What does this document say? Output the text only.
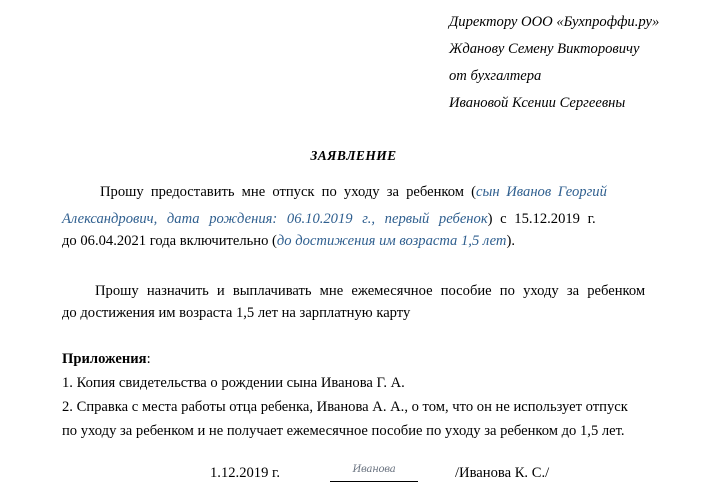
Директору ООО «Бухпроффи.ру»
Жданову Семену Викторовичу
от бухгалтера
Ивановой Ксении Сергеевны
ЗАЯВЛЕНИЕ
Прошу предоставить мне отпуск по уходу за ребенком (сын Иванов Георгий
Александрович, дата рождения: 06.10.2019 г., первый ребенок) с 15.12.2019 г.
до 06.04.2021 года включительно (до достижения им возраста 1,5 лет).
Прошу назначить и выплачивать мне ежемесячное пособие по уходу за ребенком
до достижения им возраста 1,5 лет на зарплатную карту
Приложения:
1. Копия свидетельства о рождении сына Иванова Г. А.
2. Справка с места работы отца ребенка, Иванова А. А., о том, что он не использует отпуск
по уходу за ребенком и не получает ежемесячное пособие по уходу за ребенком до 1,5 лет.
1.12.2019 г.	Иванова	/Иванова К. С./
